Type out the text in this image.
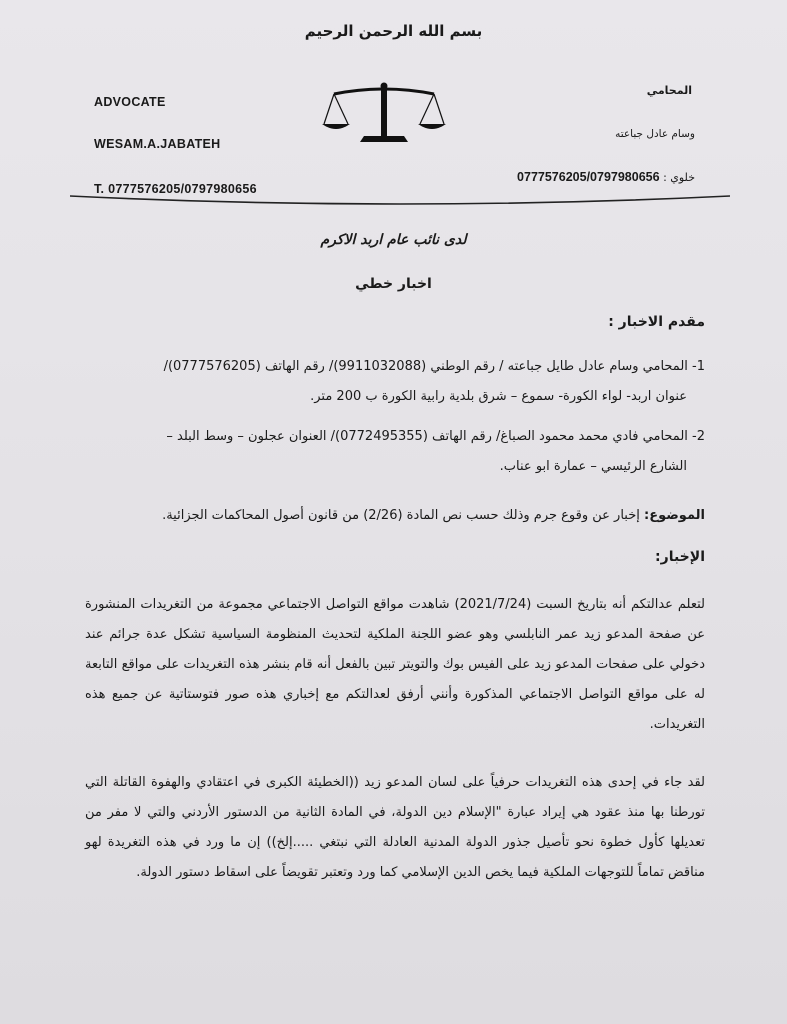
بسم الله الرحمن الرحيم
ADVOCATE
WESAM.A.JABATEH
T. 0777576205/0797980656
المحامي
وسام عادل جباعته
خلوي : 0777576205/0797980656
لدى نائب عام اربد الاكرم
اخبار خطي
مقدم الاخبار :
1- المحامي وسام عادل طايل جباعته / رقم الوطني (9911032088)/ رقم الهاتف (0777576205)/
عنوان اربد- لواء الكورة- سموع – شرق بلدية رابية الكورة ب 200 متر.
2- المحامي فادي محمد محمود الصباغ/ رقم الهاتف (0772495355)/ العنوان عجلون – وسط البلد –
الشارع الرئيسي – عمارة ابو عناب.
الموضوع: إخبار عن وقوع جرم وذلك حسب نص المادة (2/26) من قانون أصول المحاكمات الجزائية.
الإخبار:
لتعلم عدالتكم أنه بتاريخ السبت (2021/7/24) شاهدت مواقع التواصل الاجتماعي مجموعة من التغريدات المنشورة عن صفحة المدعو زيد عمر النابلسي وهو عضو اللجنة الملكية لتحديث المنظومة السياسية تشكل عدة جرائم عند دخولي على صفحات المدعو زيد على الفيس بوك والتويتر تبين بالفعل أنه قام بنشر هذه التغريدات على مواقع التابعة له على مواقع التواصل الاجتماعي المذكورة وأنني أرفق لعدالتكم مع إخباري هذه صور فتوستاتية عن جميع هذه التغريدات.
لقد جاء في إحدى هذه التغريدات حرفياً على لسان المدعو زيد ((الخطيئة الكبرى في اعتقادي والهفوة القاتلة التي تورطنا بها منذ عقود هي إيراد عبارة "الإسلام دين الدولة، في المادة الثانية من الدستور الأردني والتي لا مفر من تعديلها كأول خطوة نحو تأصيل جذور الدولة المدنية العادلة التي نبتغي .....إلخ)) إن ما ورد في هذه التغريدة لهو مناقض تماماً للتوجهات الملكية فيما يخص الدين الإسلامي كما ورد وتعتبر تقويضاً على اسقاط دستور الدولة.
